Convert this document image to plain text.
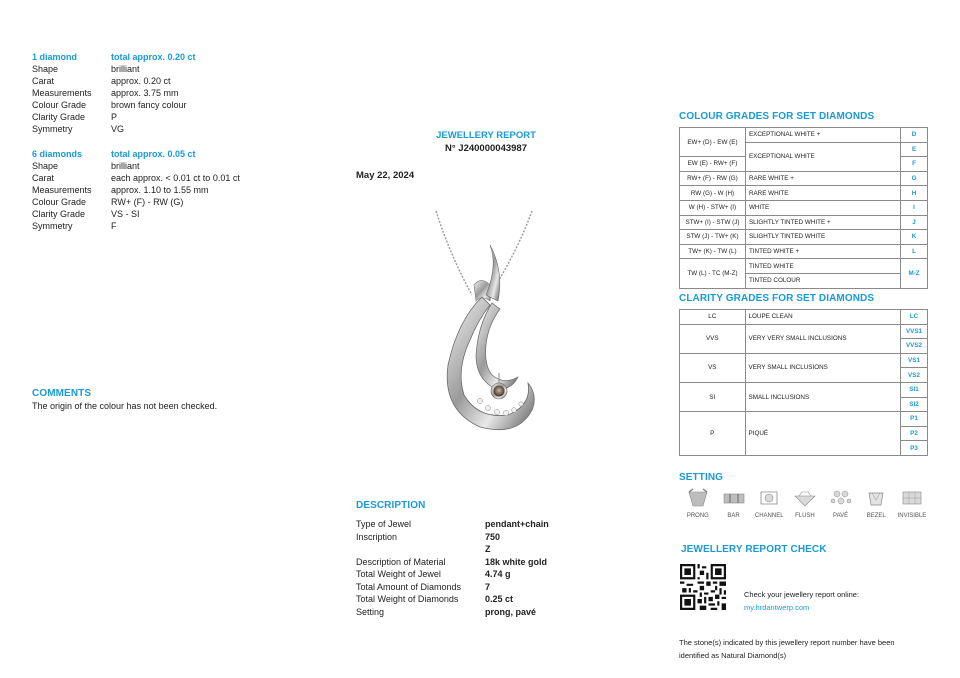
1 diamond	total approx. 0.20 ct
Shape	brilliant
Carat	approx. 0.20 ct
Measurements	approx. 3.75 mm
Colour Grade	brown fancy colour
Clarity Grade	P
Symmetry	VG
6 diamonds	total approx. 0.05 ct
Shape	brilliant
Carat	each approx. < 0.01 ct to 0.01 ct
Measurements	approx. 1.10 to 1.55 mm
Colour Grade	RW+ (F) - RW (G)
Clarity Grade	VS - SI
Symmetry	F
COMMENTS
The origin of the colour has not been checked.
JEWELLERY REPORT
N° J240000043987
May 22, 2024
DESCRIPTION
Type of Jewel	pendant+chain
Inscription	750
Z
Description of Material	18k white gold
Total Weight of Jewel	4.74 g
Total Amount of Diamonds	7
Total Weight of Diamonds	0.25 ct
Setting	prong, pavé
COLOUR GRADES FOR SET DIAMONDS
EW+ (D) - EW (E)	EXCEPTIONAL WHITE +	D
	EXCEPTIONAL WHITE	E
EW (E) - RW+ (F)		F
RW+ (F) - RW (G)	RARE WHITE +	G
RW (G) - W (H)	RARE WHITE	H
W (H) - STW+ (I)	WHITE	I
STW+ (I) - STW (J)	SLIGHTLY TINTED WHITE +	J
STW (J) - TW+ (K)	SLIGHTLY TINTED WHITE	K
TW+ (K) - TW (L)	TINTED WHITE +	L
TW (L) - TC (M-Z)	TINTED WHITE	M-Z
	TINTED COLOUR	
CLARITY GRADES FOR SET DIAMONDS
LC	LOUPE CLEAN	LC
VVS	VERY VERY SMALL INCLUSIONS	VVS1
		VVS2
VS	VERY SMALL INCLUSIONS	VS1
		VS2
SI	SMALL INCLUSIONS	SI1
		SI2
P	PIQUÉ	P1
		P2
		P3
SETTING
PRONG	BAR	CHANNEL	FLUSH	PAVÉ	BEZEL	INVISIBLE
JEWELLERY REPORT CHECK
Check your jewellery report online:
my.hrdantwerp.com
The stone(s) indicated by this jewellery report number have been
identified as Natural Diamond(s)
